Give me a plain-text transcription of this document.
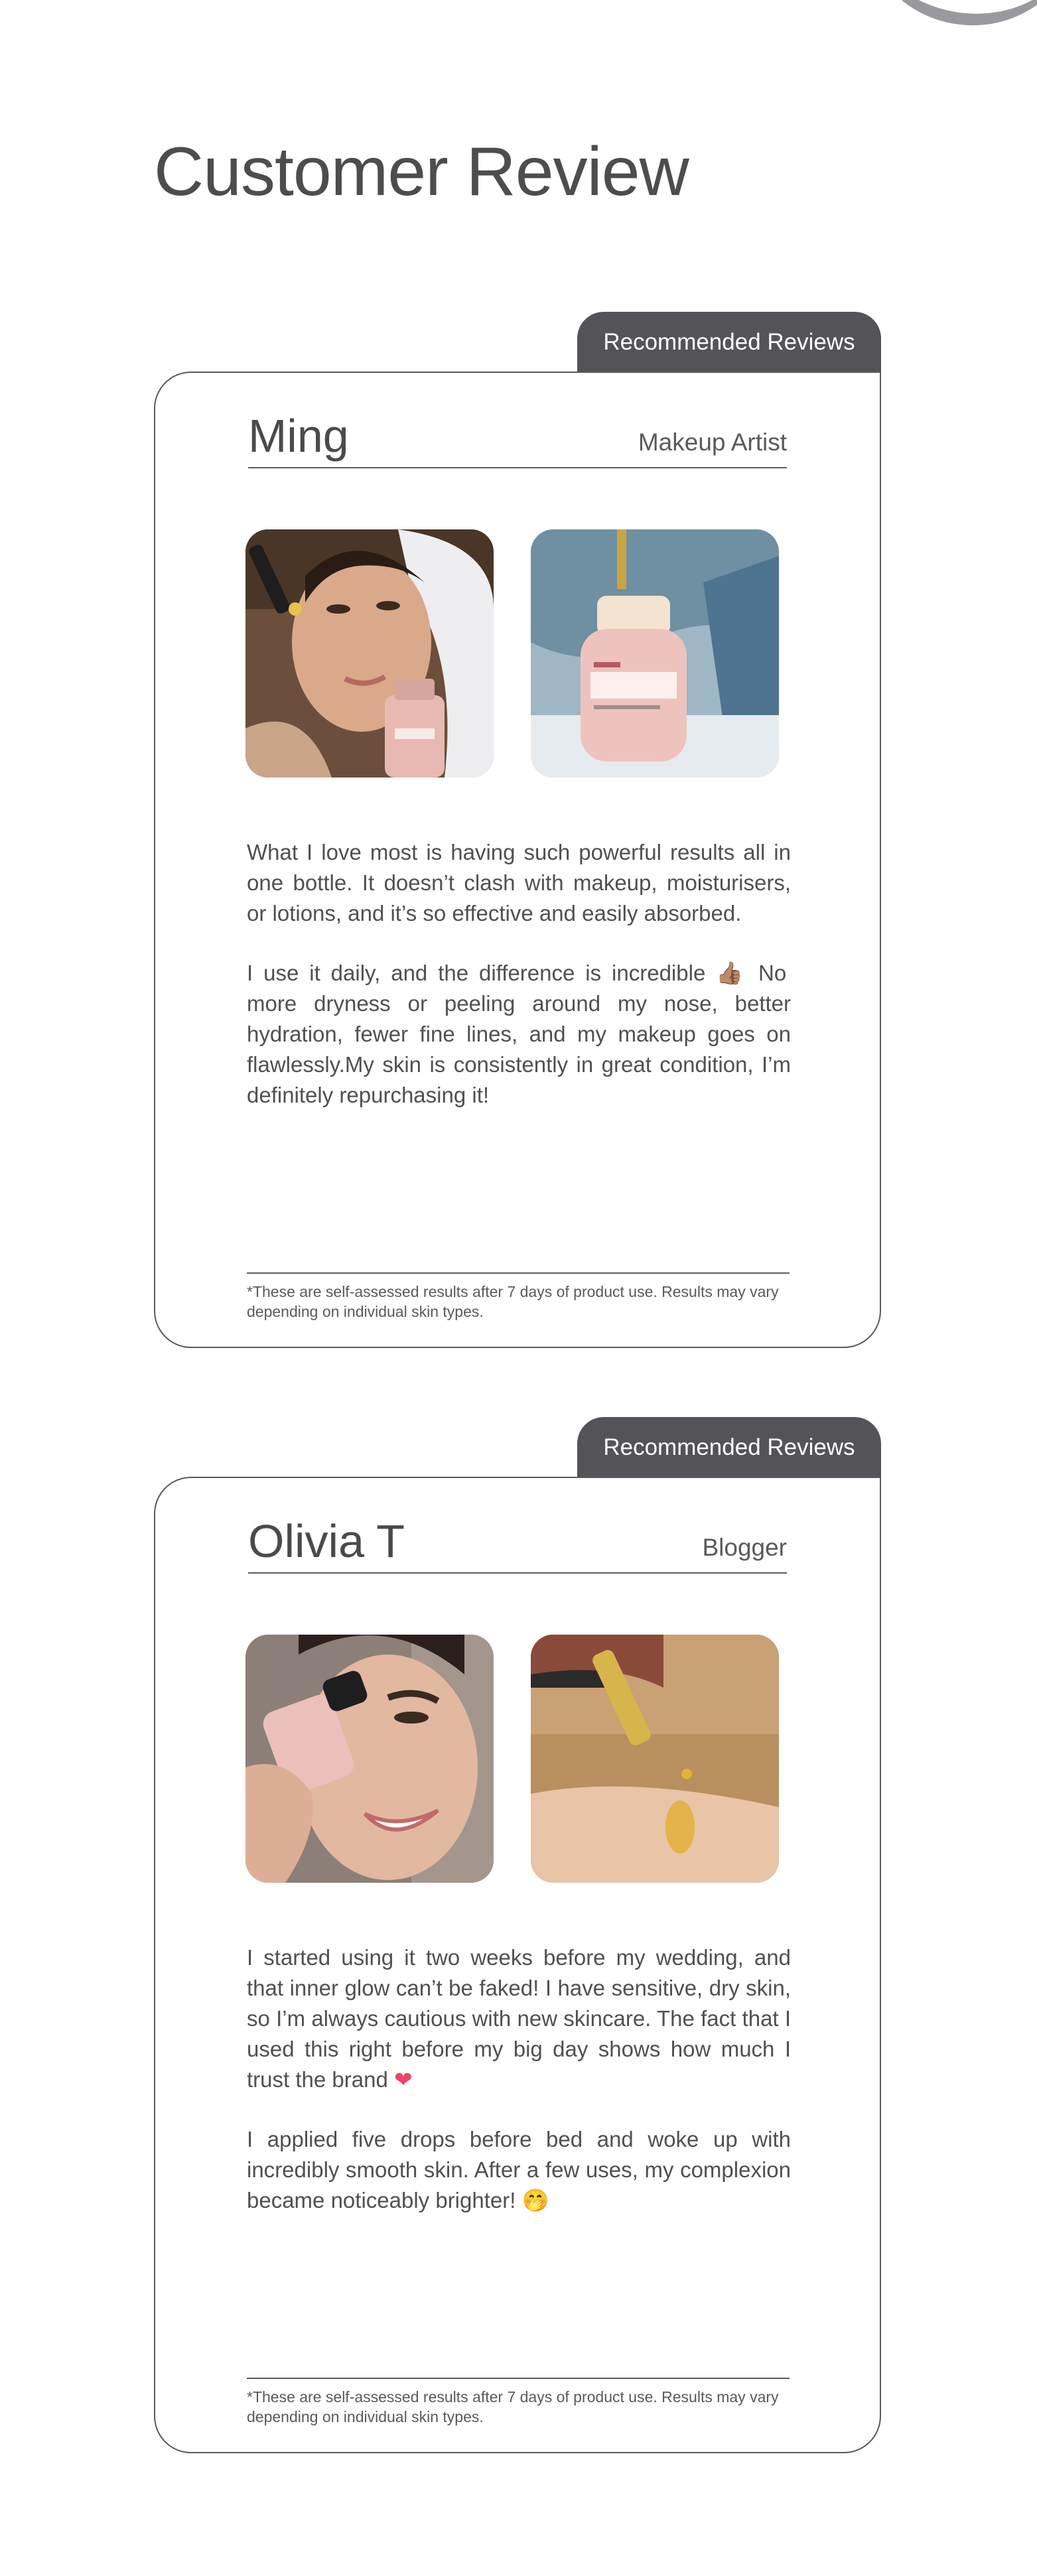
Customer Review
Recommended Reviews
Ming	Makeup Artist

What I love most is having such powerful results all in one bottle. It doesn’t clash with makeup, moisturisers, or lotions, and it’s so effective and easily absorbed.

I use it daily, and the difference is incredible 👍🏽 No more dryness or peeling around my nose, better hydration, fewer fine lines, and my makeup goes on flawlessly.My skin is consistently in great condition, I’m definitely repurchasing it!

*These are self-assessed results after 7 days of product use. Results may vary depending on individual skin types.
Recommended Reviews
Olivia T	Blogger

I started using it two weeks before my wedding, and that inner glow can’t be faked! I have sensitive, dry skin, so I’m always cautious with new skincare. The fact that I used this right before my big day shows how much I trust the brand ❤

I applied five drops before bed and woke up with incredibly smooth skin. After a few uses, my complexion became noticeably brighter! 🤭

*These are self-assessed results after 7 days of product use. Results may vary depending on individual skin types.
